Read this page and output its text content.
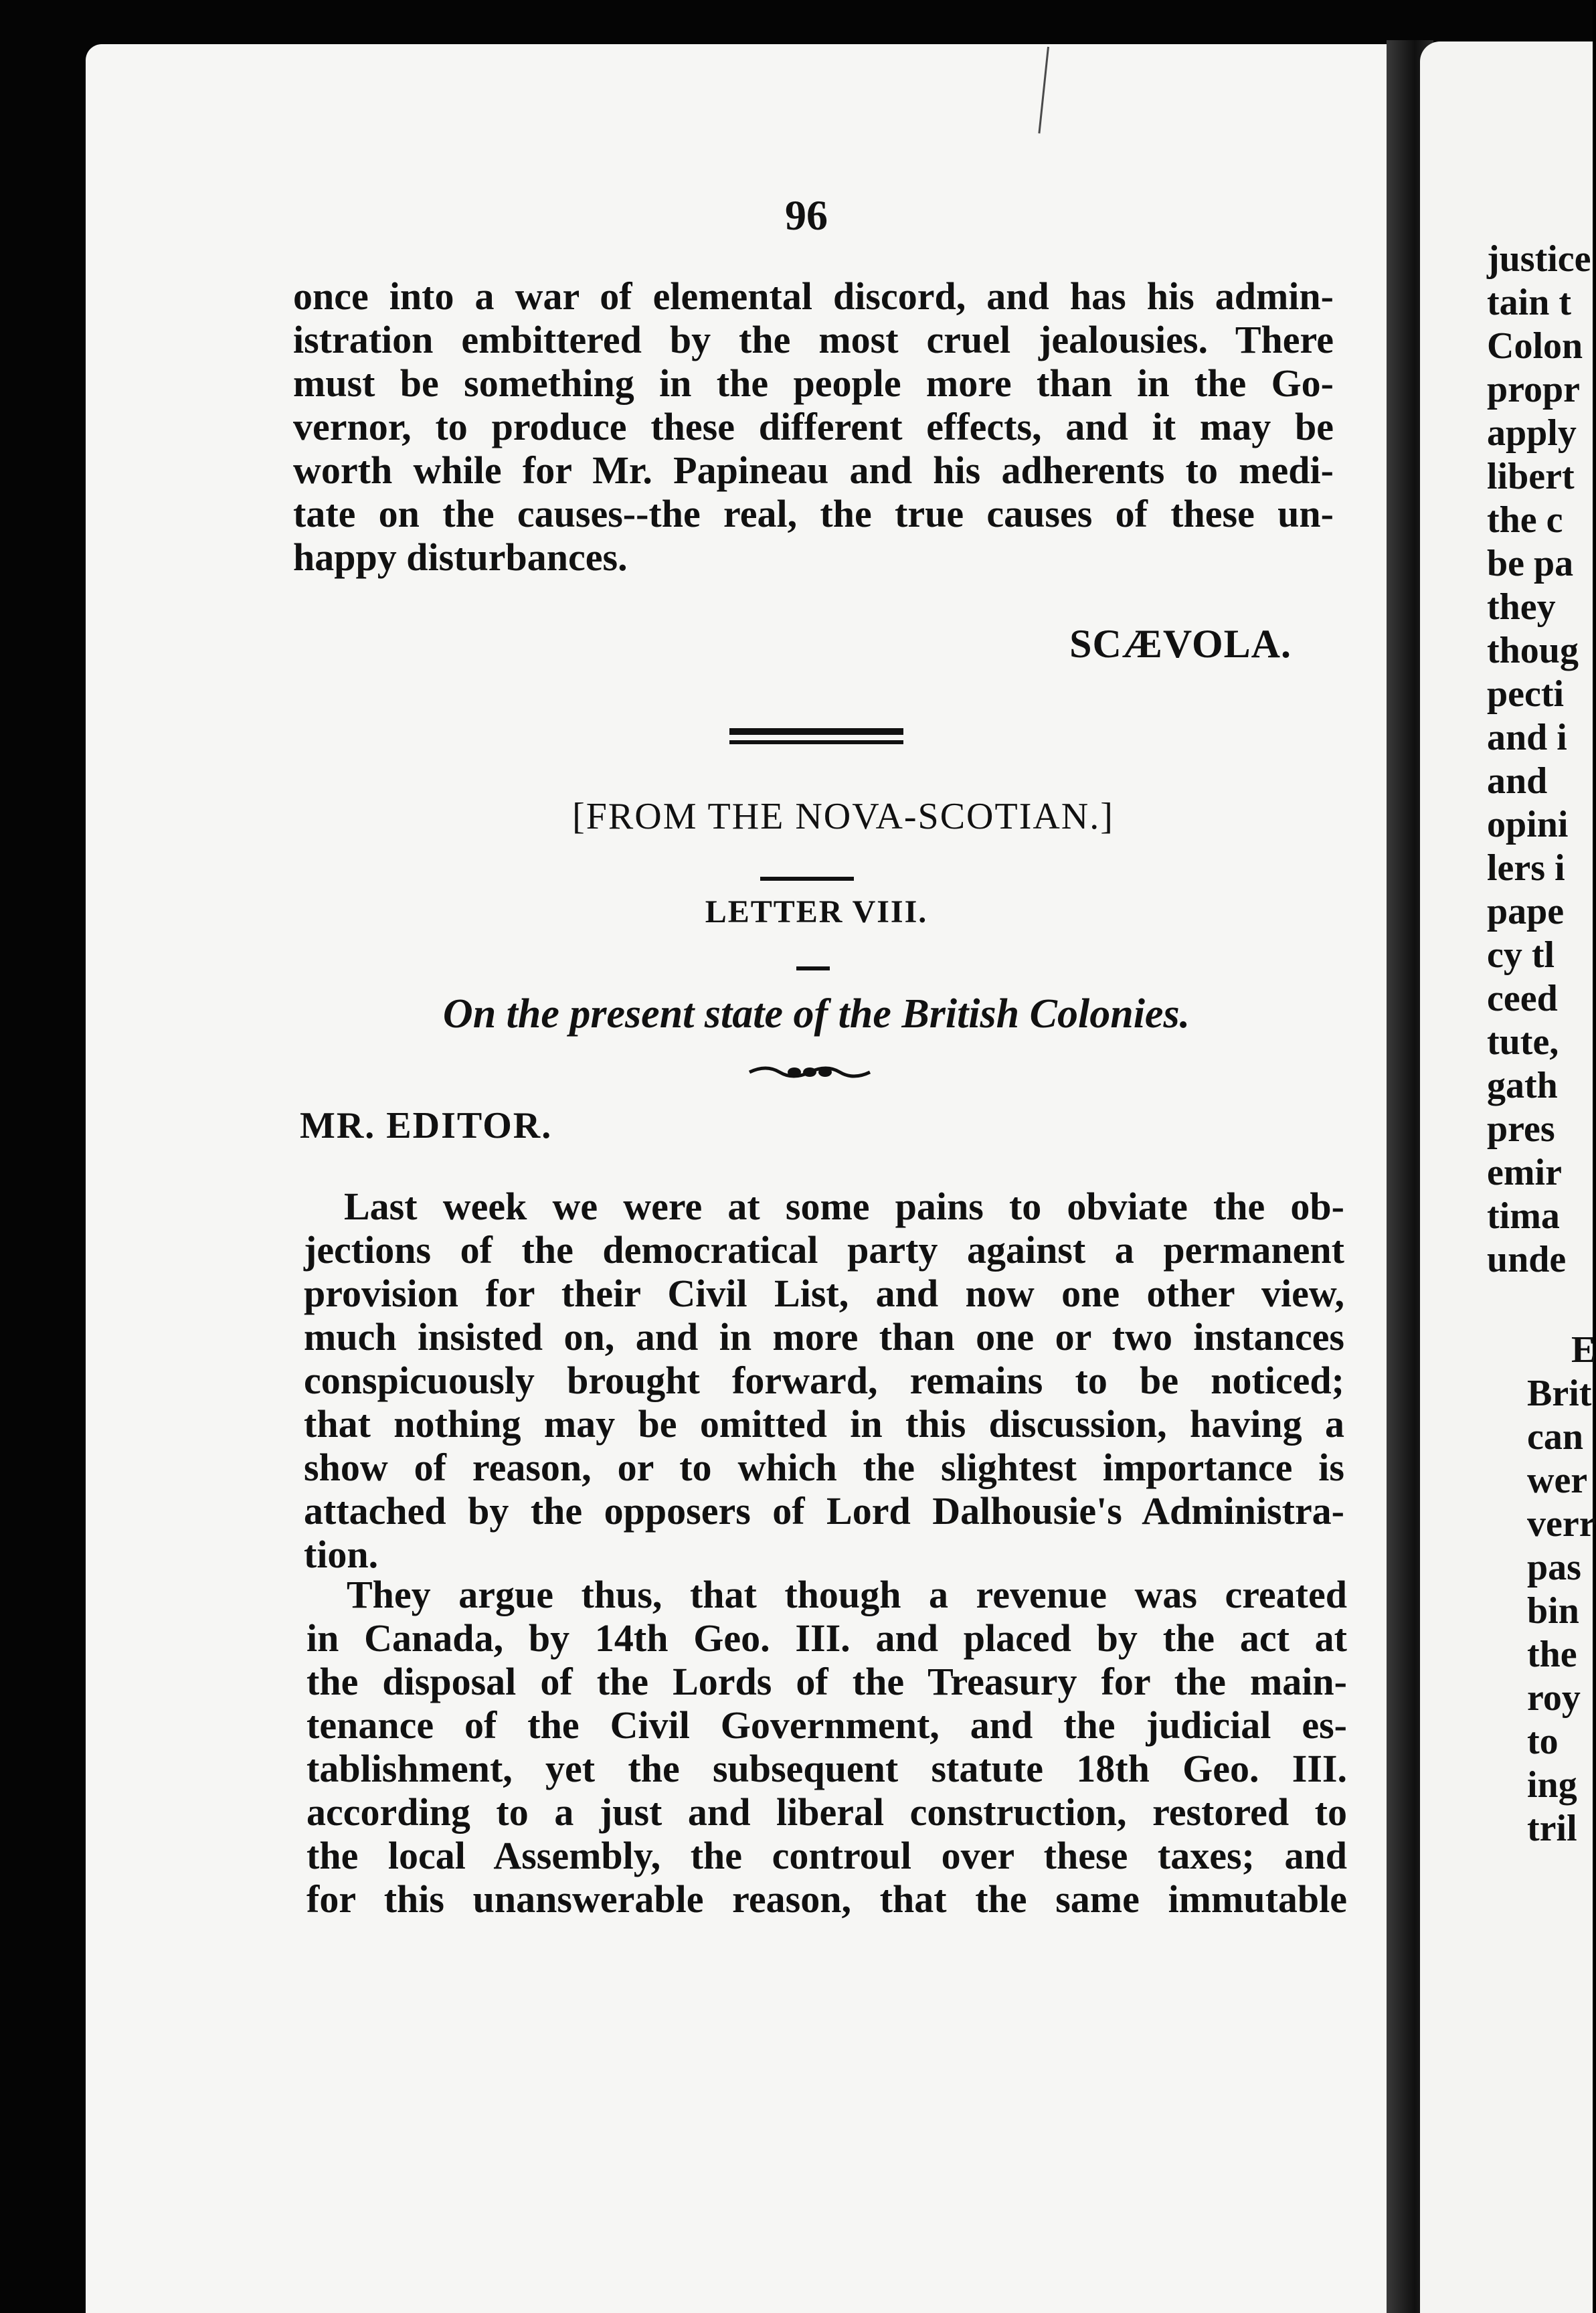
96
once into a war of elemental discord, and has his admin-
istration embittered by the most cruel jealousies. There
must be something in the people more than in the Go-
vernor, to produce these different effects, and it may be
worth while for Mr. Papineau and his adherents to medi-
tate on the causes--the real, the true causes of these un-
happy disturbances.
SCÆVOLA.
[FROM THE NOVA-SCOTIAN.]
LETTER VIII.
On the present state of the British Colonies.
MR. EDITOR.
Last week we were at some pains to obviate the ob-
jections of the democratical party against a permanent
provision for their Civil List, and now one other view,
much insisted on, and in more than one or two instances
conspicuously brought forward, remains to be noticed;
that nothing may be omitted in this discussion, having a
show of reason, or to which the slightest importance is
attached by the opposers of Lord Dalhousie's Administra-
tion.
They argue thus, that though a revenue was created
in Canada, by 14th Geo. III. and placed by the act at
the disposal of the Lords of the Treasury for the main-
tenance of the Civil Government, and the judicial es-
tablishment, yet the subsequent statute 18th Geo. III.
according to a just and liberal construction, restored to
the local Assembly, the controul over these taxes; and
for this unanswerable reason, that the same immutable
justice
tain t
Colon
propr
apply
libert
the c
be pa
they
thoug
pecti
and i
and
opini
lers i
pape
cy tl
ceed
tute,
gath
pres
emir
tima
unde
E
Brit
can
wer
verr
pas
bin
the
roy
to
ing
tril
